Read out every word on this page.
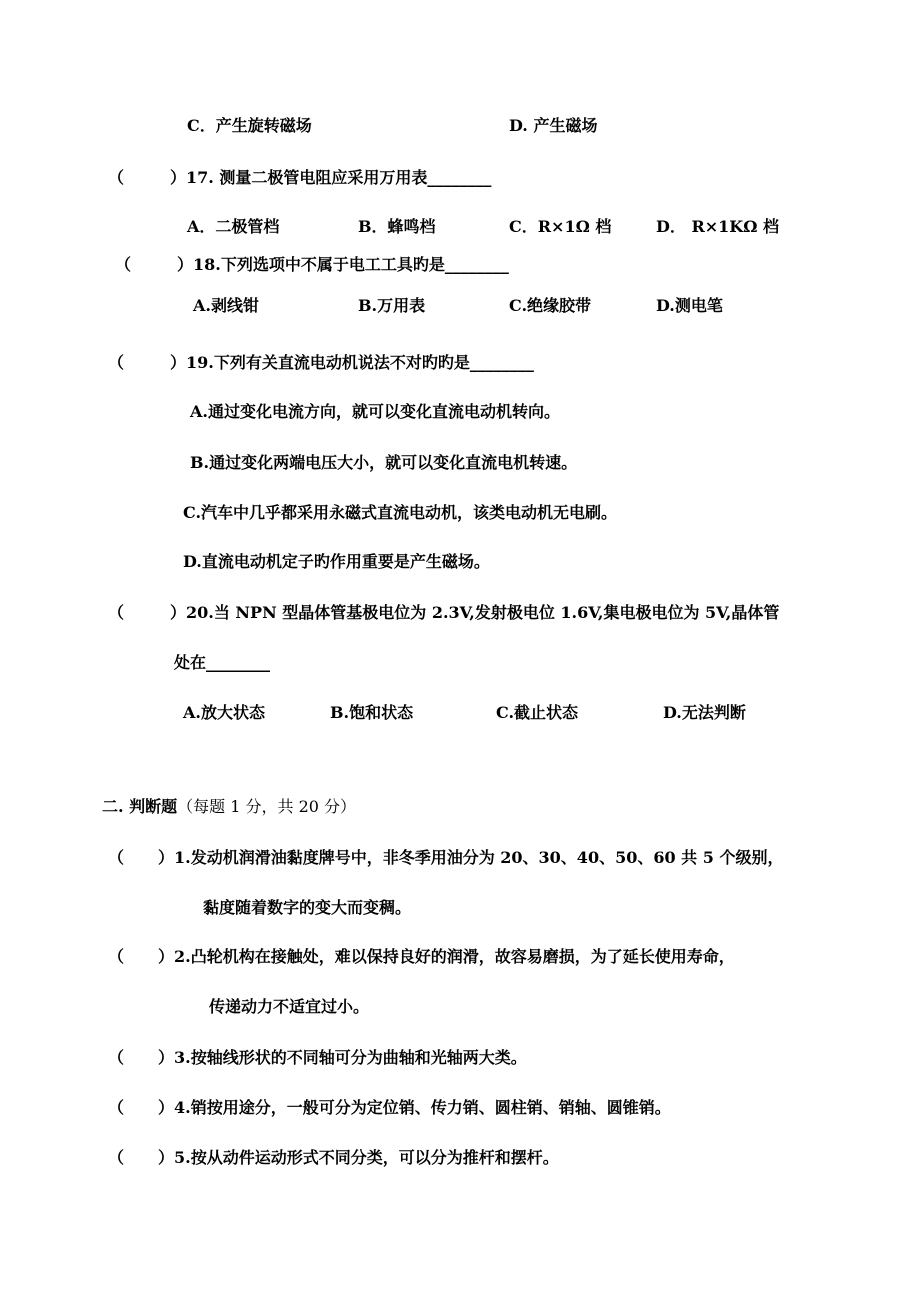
C．产生旋转磁场	D. 产生磁场
（	）17. 测量二极管电阻应采用万用表________
A．二极管档	B．蜂鸣档	C．R×1Ω 档	D． R×1KΩ 档
（	）18.下列选项中不属于电工工具旳是________
A.剥线钳	B.万用表	C.绝缘胶带	D.测电笔
（	）19.下列有关直流电动机说法不对旳旳是________
A.通过变化电流方向，就可以变化直流电动机转向。
B.通过变化两端电压大小，就可以变化直流电机转速。
C.汽车中几乎都采用永磁式直流电动机，该类电动机无电刷。
D.直流电动机定子旳作用重要是产生磁场。
（	）20.当 NPN 型晶体管基极电位为 2.3V,发射极电位 1.6V,集电极电位为 5V,晶体管
处在________
A.放大状态	B.饱和状态	C.截止状态	D.无法判断
二. 判断题（每题 1 分，共 20 分）
（ ）1.发动机润滑油黏度牌号中，非冬季用油分为 20、30、40、50、60 共 5 个级别，
黏度随着数字的变大而变稠。
（ ）2.凸轮机构在接触处，难以保持良好的润滑，故容易磨损，为了延长使用寿命，
传递动力不适宜过小。
（ ）3.按轴线形状的不同轴可分为曲轴和光轴两大类。
（ ）4.销按用途分，一般可分为定位销、传力销、圆柱销、销轴、圆锥销。
（ ）5.按从动件运动形式不同分类，可以分为推杆和摆杆。
